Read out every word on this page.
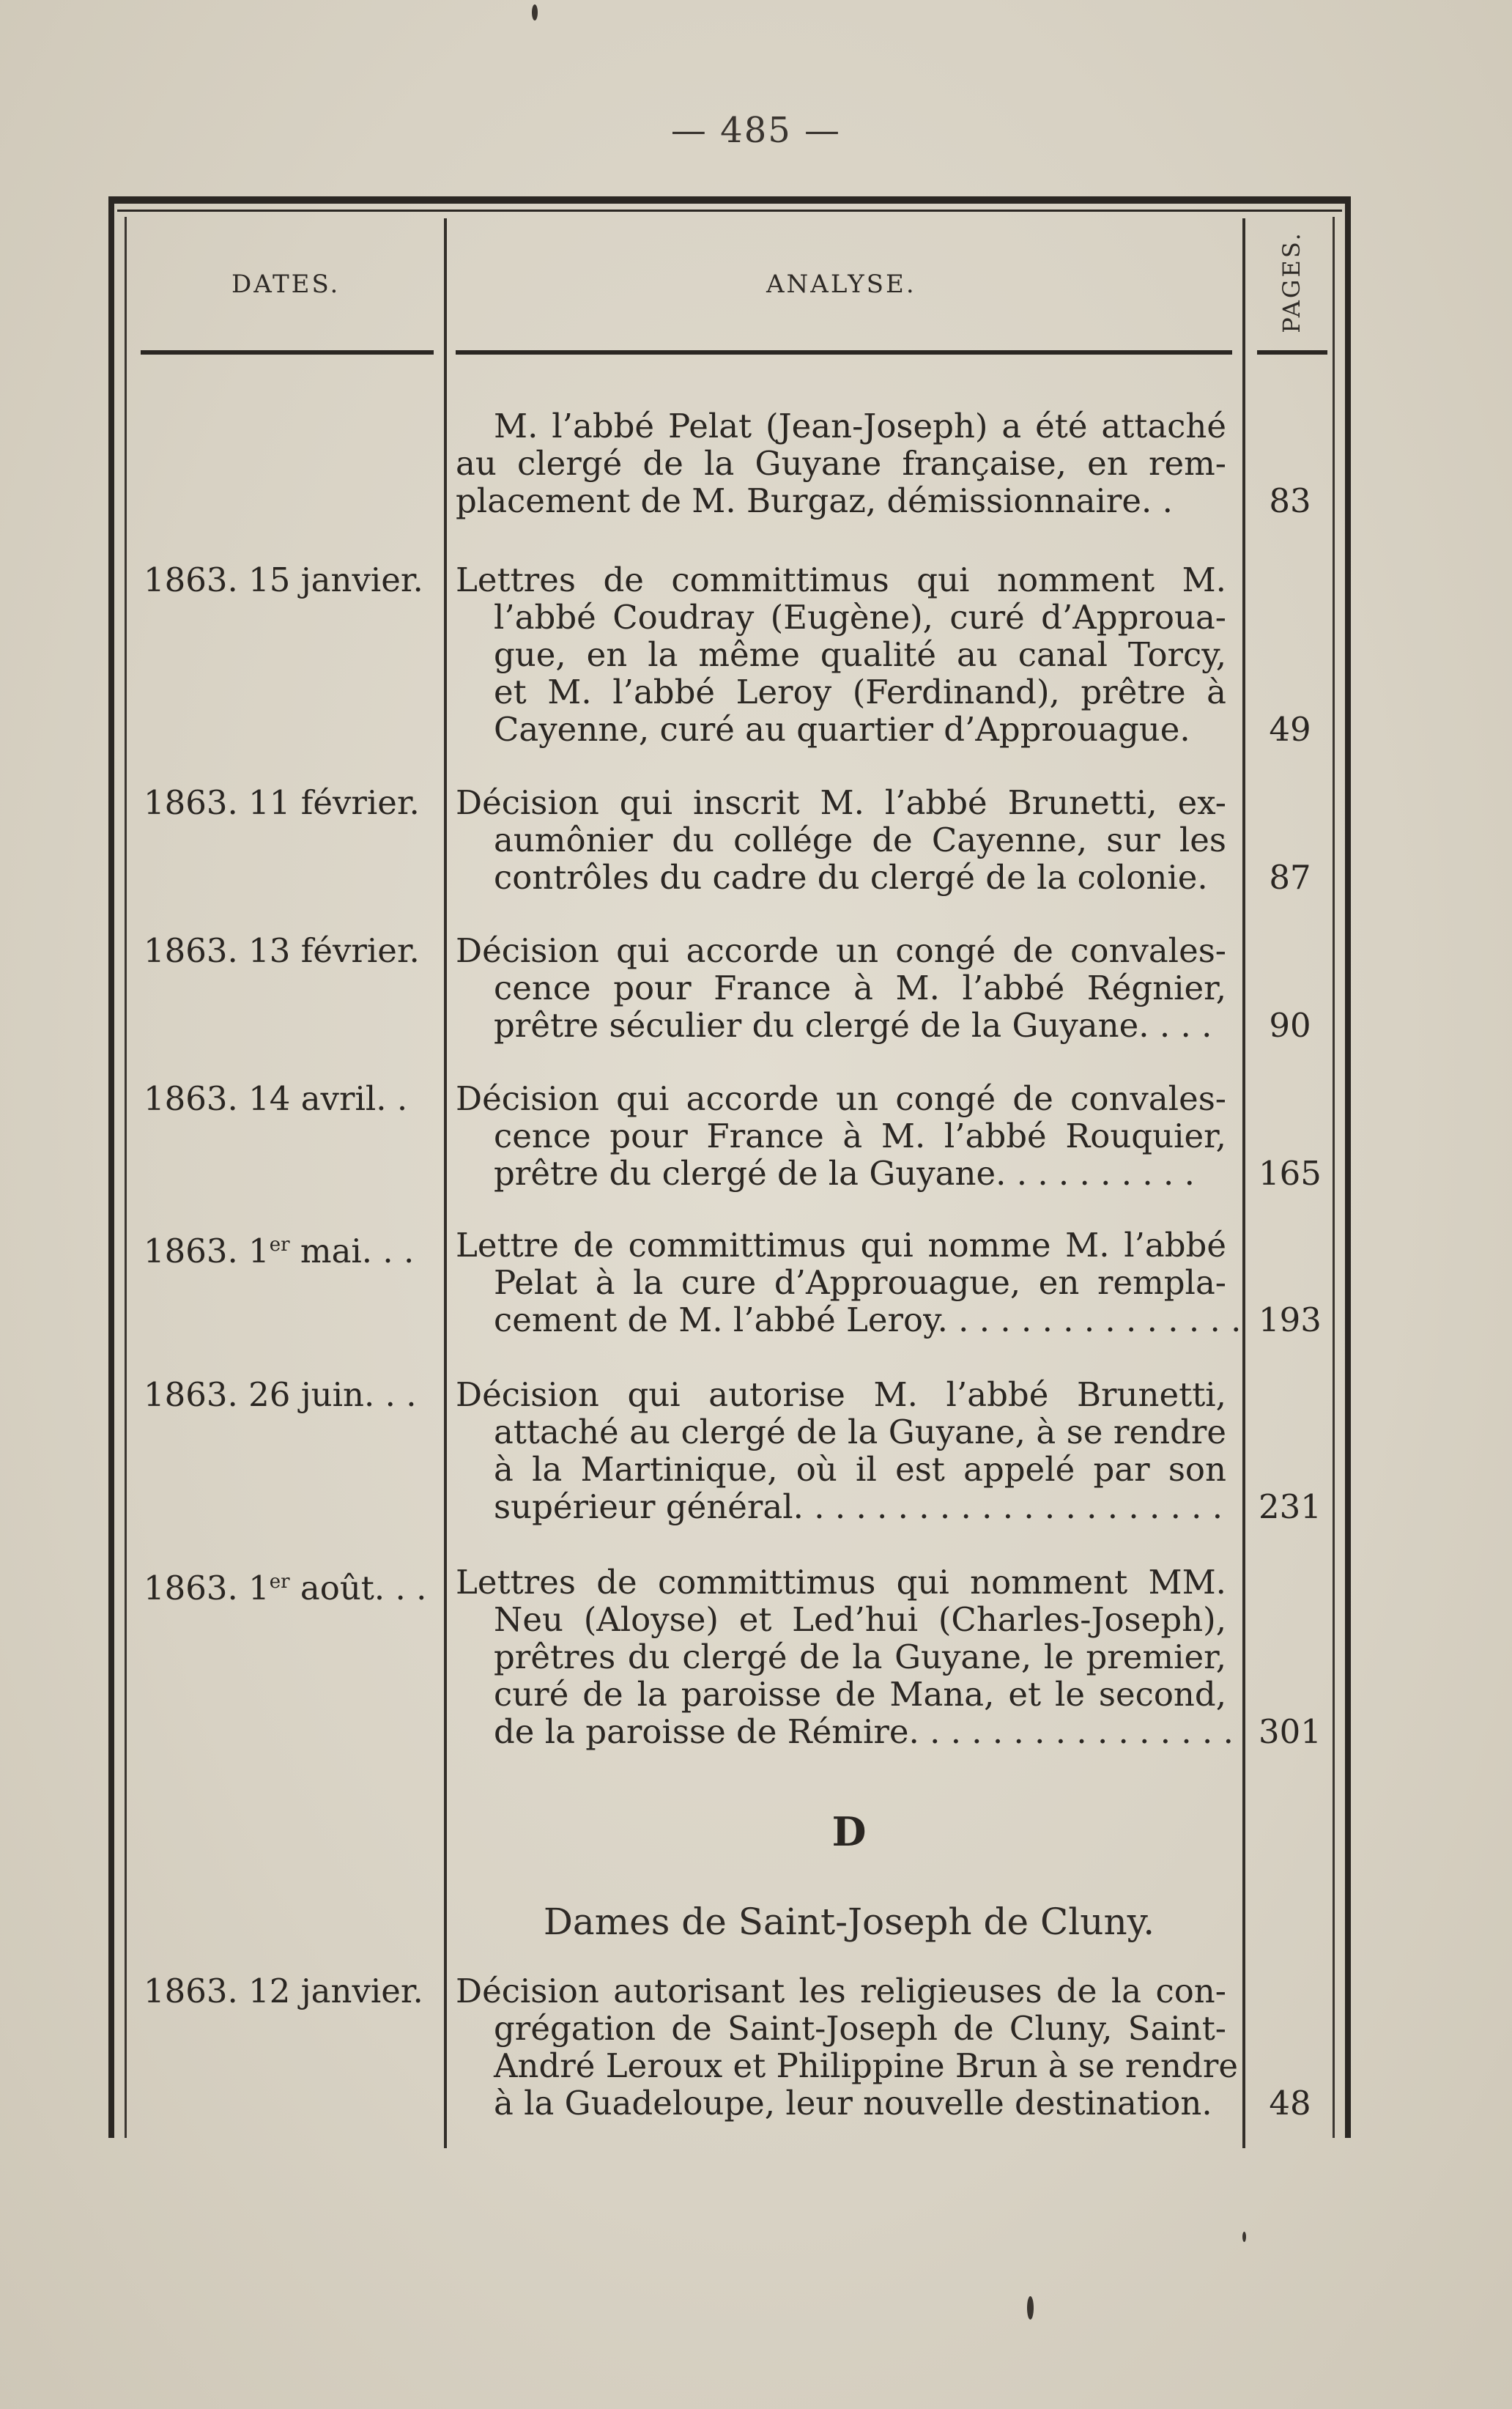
— 485 —
DATES.	ANALYSE.	PAGES.
M. l’abbé Pelat (Jean-Joseph) a été attaché
au clergé de la Guyane française, en rem-
placement de M. Burgaz, démissionnaire. .	83
1863. 15 janvier. Lettres de committimus qui nomment M.
l’abbé Coudray (Eugène), curé d’Approua-
gue, en la même qualité au canal Torcy,
et M. l’abbé Leroy (Ferdinand), prêtre à
Cayenne, curé au quartier d’Approuague.	49
1863. 11 février.	Décision qui inscrit M. l’abbé Brunetti, ex-
aumônier du collége de Cayenne, sur les
contrôles du cadre du clergé de la colonie.	87
1863. 13 février.	Décision qui accorde un congé de convales-
cence pour France à M. l’abbé Régnier,
prêtre séculier du clergé de la Guyane. . . .	90
1863. 14 avril. .	Décision qui accorde un congé de convales-
cence pour France à M. l’abbé Rouquier,
prêtre du clergé de la Guyane. . . . . . . . . .	165
1863. 1er mai. . .	Lettre de committimus qui nomme M. l’abbé
Pelat à la cure d’Approuague, en rempla-
cement de M. l’abbé Leroy. . . . . . . . . . . . . . . 193
1863. 26 juin. . .	Décision qui autorise M. l’abbé Brunetti,
attaché au clergé de la Guyane, à se rendre
à la Martinique, où il est appelé par son
supérieur général. . . . . . . . . . . . . . . . . . . . .	231
1863. 1er août. . . Lettres de committimus qui nomment MM.
Neu (Aloyse) et Led’hui (Charles-Joseph),
prêtres du clergé de la Guyane, le premier,
curé de la paroisse de Mana, et le second,
de la paroisse de Rémire. . . . . . . . . . . . . . . . 301
D
Dames de Saint-Joseph de Cluny.
1863. 12 janvier. Décision autorisant les religieuses de la con-
grégation de Saint-Joseph de Cluny, Saint-
André Leroux et Philippine Brun à se rendre
à la Guadeloupe, leur nouvelle destination.	48
